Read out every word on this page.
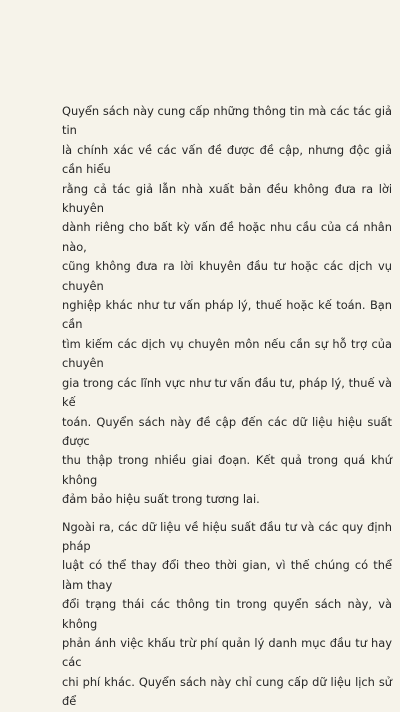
Quyển sách này cung cấp những thông tin mà các tác giả tin
là chính xác về các vấn đề được đề cập, nhưng độc giả cần hiểu
rằng cả tác giả lẫn nhà xuất bản đều không đưa ra lời khuyên
dành riêng cho bất kỳ vấn đề hoặc nhu cầu của cá nhân nào,
cũng không đưa ra lời khuyên đầu tư hoặc các dịch vụ chuyên
nghiệp khác như tư vấn pháp lý, thuế hoặc kế toán. Bạn cần
tìm kiếm các dịch vụ chuyên môn nếu cần sự hỗ trợ của chuyên
gia trong các lĩnh vực như tư vấn đầu tư, pháp lý, thuế và kế
toán. Quyển sách này đề cập đến các dữ liệu hiệu suất được
thu thập trong nhiều giai đoạn. Kết quả trong quá khứ không
đảm bảo hiệu suất trong tương lai.

Ngoài ra, các dữ liệu về hiệu suất đầu tư và các quy định pháp
luật có thể thay đổi theo thời gian, vì thế chúng có thể làm thay
đổi trạng thái các thông tin trong quyển sách này, và không
phản ánh việc khấu trừ phí quản lý danh mục đầu tư hay các
chi phí khác. Quyển sách này chỉ cung cấp dữ liệu lịch sử để
